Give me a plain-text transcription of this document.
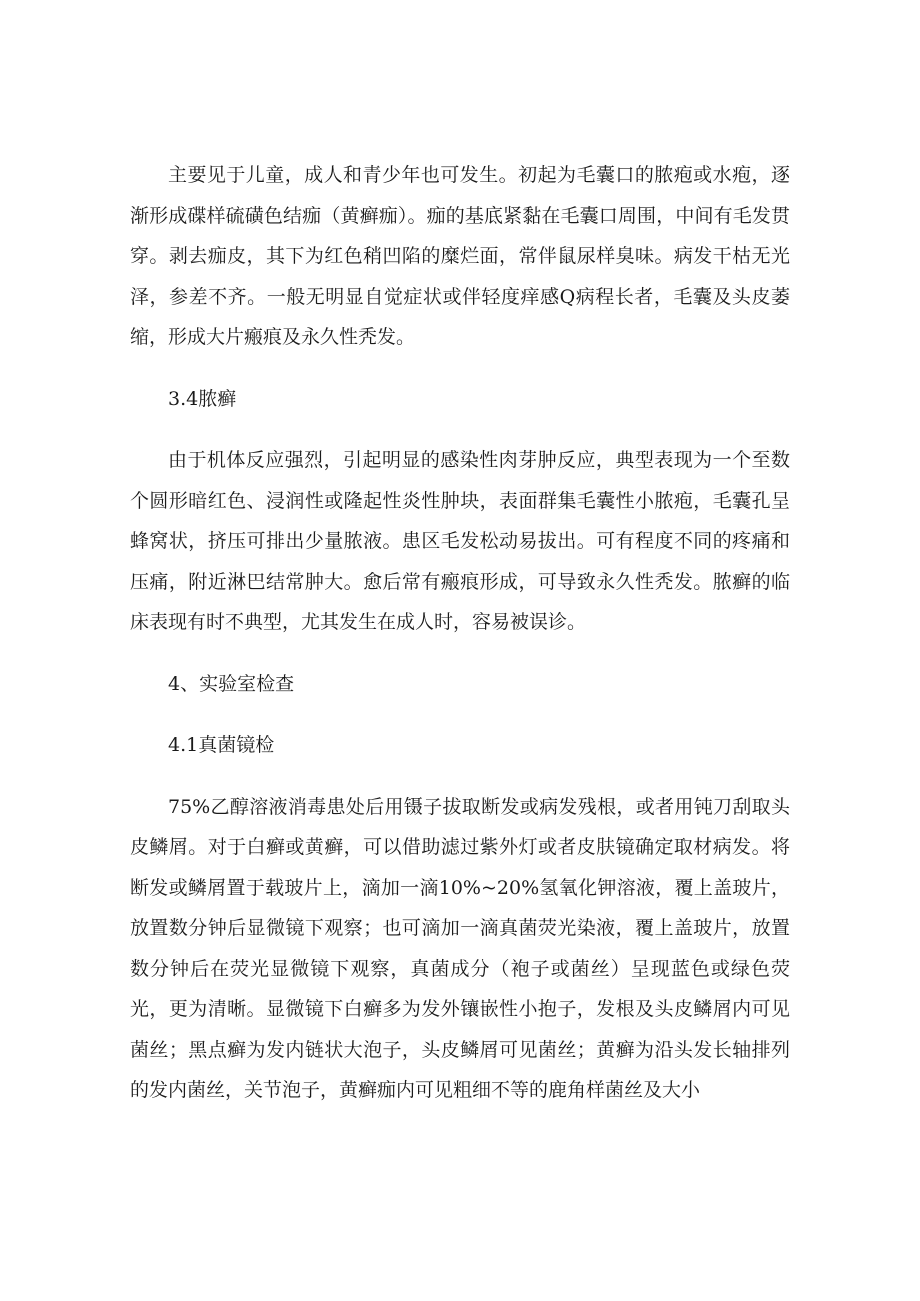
主要见于儿童，成人和青少年也可发生。初起为毛囊口的脓疱或水疱，逐渐形成碟样硫磺色结痂（黄癣痂）。痂的基底紧黏在毛囊口周围，中间有毛发贯穿。剥去痂皮，其下为红色稍凹陷的糜烂面，常伴鼠尿样臭味。病发干枯无光泽，参差不齐。一般无明显自觉症状或伴轻度痒感Q病程长者，毛囊及头皮萎缩，形成大片瘢痕及永久性秃发。

3.4脓癣

由于机体反应强烈，引起明显的感染性肉芽肿反应，典型表现为一个至数个圆形暗红色、浸润性或隆起性炎性肿块，表面群集毛囊性小脓疱，毛囊孔呈蜂窝状，挤压可排出少量脓液。患区毛发松动易拔出。可有程度不同的疼痛和压痛，附近淋巴结常肿大。愈后常有瘢痕形成，可导致永久性秃发。脓癣的临床表现有时不典型，尤其发生在成人时，容易被误诊。

4、实验室检查

4.1真菌镜检

75%乙醇溶液消毒患处后用镊子拔取断发或病发残根，或者用钝刀刮取头皮鳞屑。对于白癣或黄癣，可以借助滤过紫外灯或者皮肤镜确定取材病发。将断发或鳞屑置于载玻片上，滴加一滴10%~20%氢氧化钾溶液，覆上盖玻片，放置数分钟后显微镜下观察；也可滴加一滴真菌荧光染液，覆上盖玻片，放置数分钟后在荧光显微镜下观察，真菌成分（袍子或菌丝）呈现蓝色或绿色荧光，更为清晰。显微镜下白癣多为发外镶嵌性小抱子，发根及头皮鳞屑内可见菌丝；黑点癣为发内链状大泡子，头皮鳞屑可见菌丝；黄癣为沿头发长轴排列的发内菌丝，关节泡子，黄癣痂内可见粗细不等的鹿角样菌丝及大小
